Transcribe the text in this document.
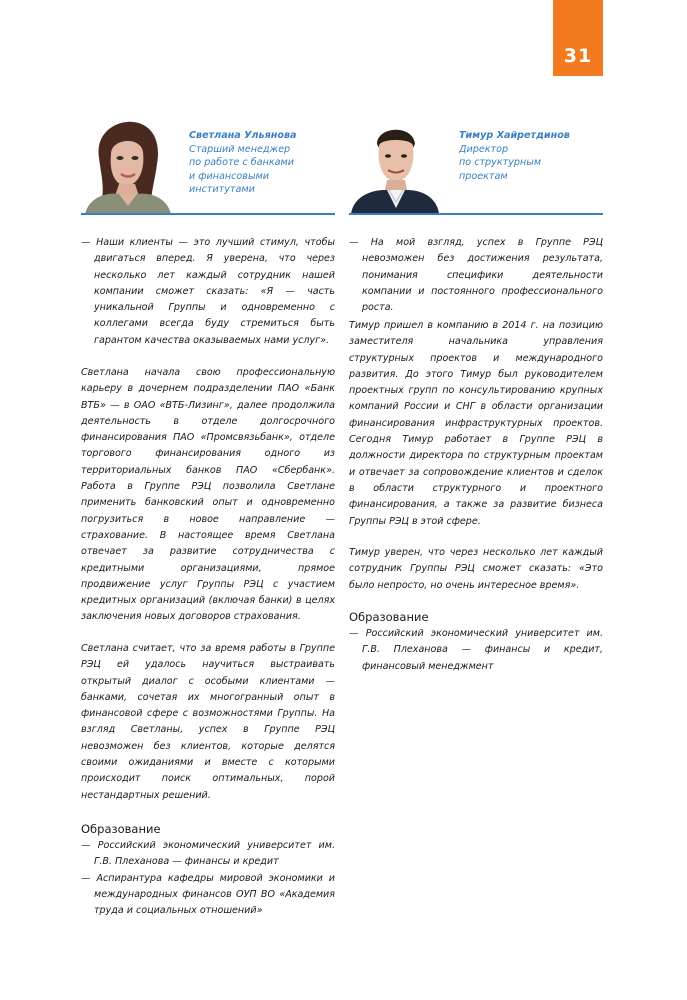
31
Светлана Ульянова
Старший менеджер
по работе с банками
и финансовыми
институтами

— Наши клиенты — это лучший стимул, чтобы двигаться вперед. Я уверена, что через несколько лет каждый сотрудник нашей компании сможет сказать: «Я — часть уникальной Группы и одновременно с коллегами всегда буду стремиться быть гарантом качества оказываемых нами услуг».

Светлана начала свою профессиональную карьеру в дочернем подразделении ПАО «Банк ВТБ» — в ОАО «ВТБ-Лизинг», далее продолжила деятельность в отделе долгосрочного финансирования ПАО «Промсвязьбанк», отделе торгового финансирования одного из территориальных банков ПАО «Сбербанк». Работа в Группе РЭЦ позволила Светлане применить банковский опыт и одновременно погрузиться в новое направление — страхование. В настоящее время Светлана отвечает за развитие сотрудничества с кредитными организациями, прямое продвижение услуг Группы РЭЦ с участием кредитных организаций (включая банки) в целях заключения новых договоров страхования.

Светлана считает, что за время работы в Группе РЭЦ ей удалось научиться выстраивать открытый диалог с особыми клиентами — банками, сочетая их многогранный опыт в финансовой сфере с возможностями Группы. На взгляд Светланы, успех в Группе РЭЦ невозможен без клиентов, которые делятся своими ожиданиями и вместе с которыми происходит поиск оптимальных, порой нестандартных решений.

Образование
— Российский экономический университет им. Г.В. Плеханова — финансы и кредит
— Аспирантура кафедры мировой экономики и международных финансов ОУП ВО «Академия труда и социальных отношений»
Тимур Хайретдинов
Директор
по структурным
проектам

— На мой взгляд, успех в Группе РЭЦ невозможен без достижения результата, понимания специфики деятельности компании и постоянного профессионального роста.

Тимур пришел в компанию в 2014 г. на позицию заместителя начальника управления структурных проектов и международного развития. До этого Тимур был руководителем проектных групп по консультированию крупных компаний России и СНГ в области организации финансирования инфраструктурных проектов. Сегодня Тимур работает в Группе РЭЦ в должности директора по структурным проектам и отвечает за сопровождение клиентов и сделок в области структурного и проектного финансирования, а также за развитие бизнеса Группы РЭЦ в этой сфере.

Тимур уверен, что через несколько лет каждый сотрудник Группы РЭЦ сможет сказать: «Это было непросто, но очень интересное время».

Образование
— Российский экономический университет им. Г.В. Плеханова — финансы и кредит, финансовый менеджмент
